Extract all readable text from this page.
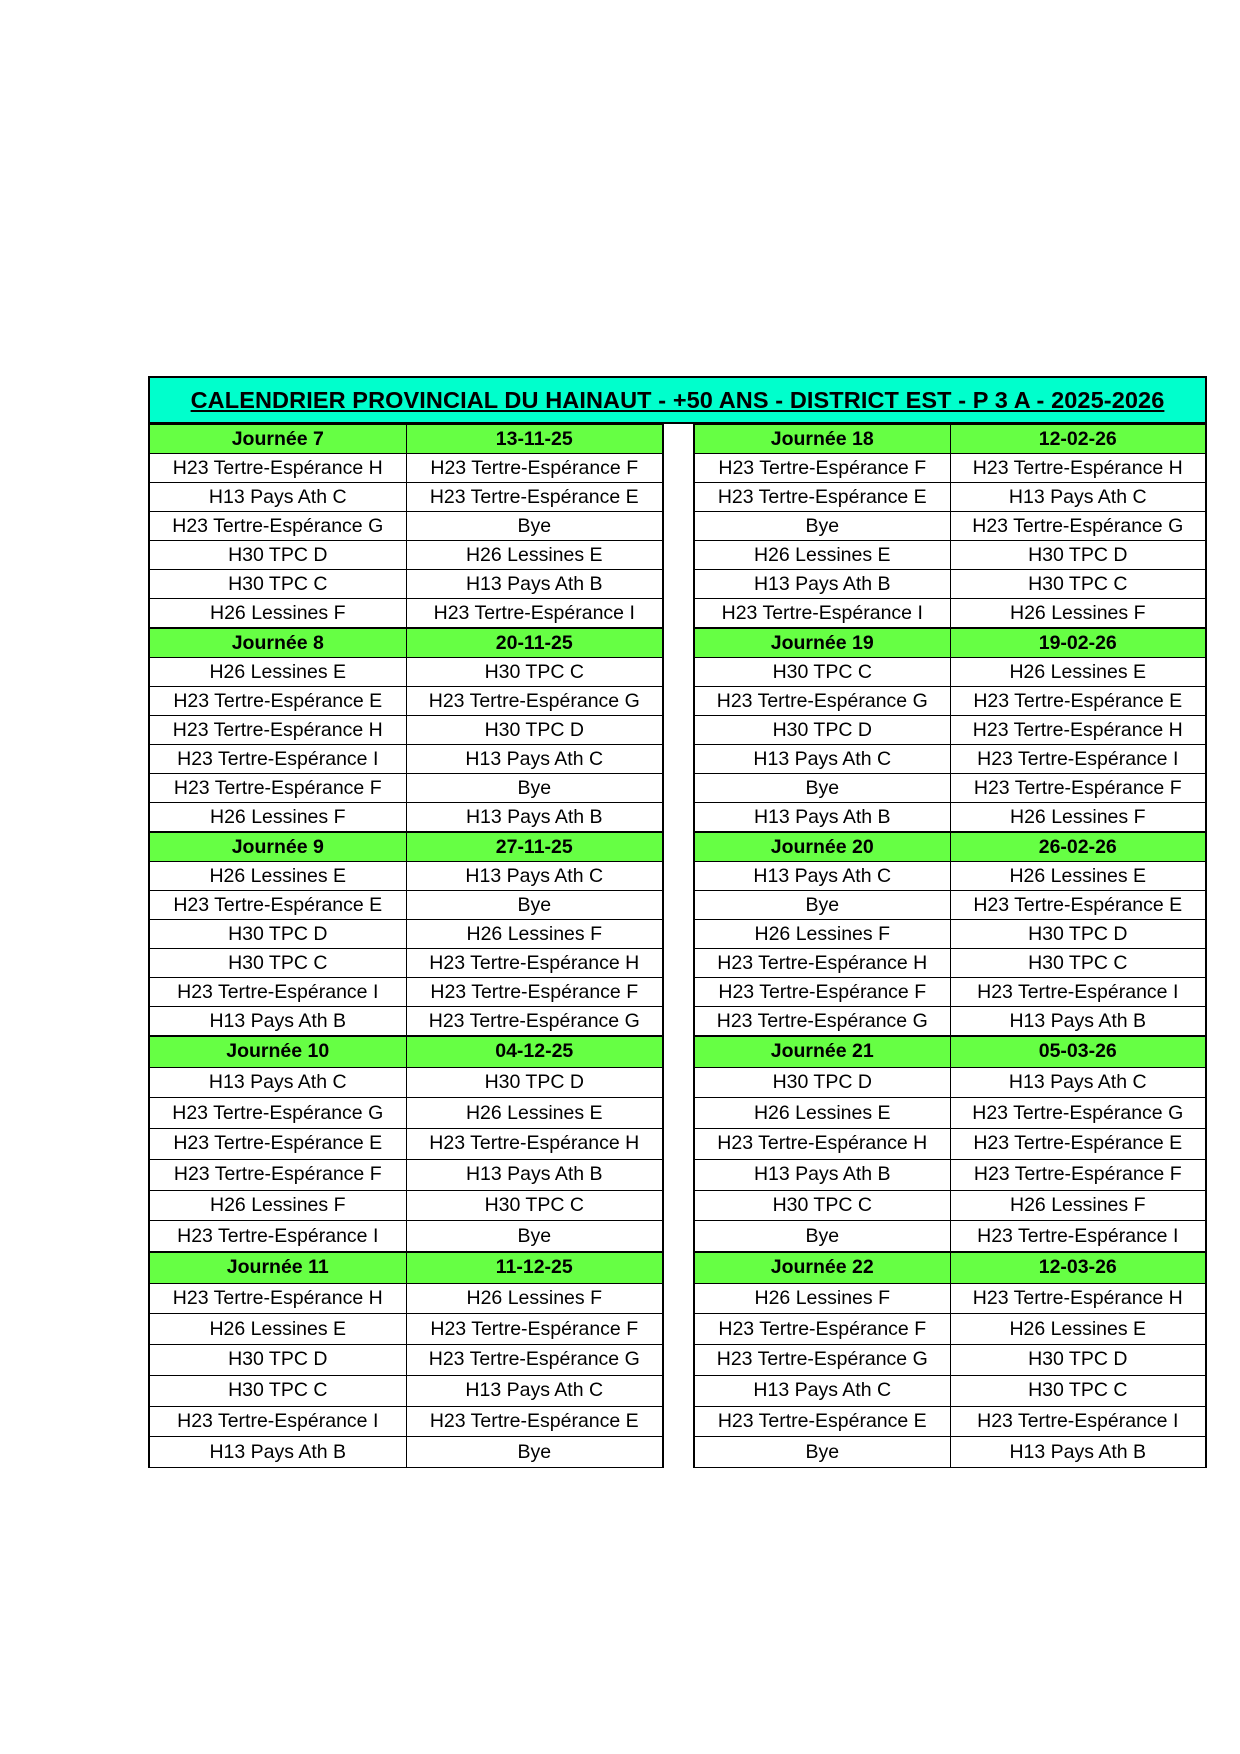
CALENDRIER PROVINCIAL DU HAINAUT - +50 ANS - DISTRICT EST - P 3 A - 2025-2026
Journée 7	13-11-25
H23 Tertre-Espérance H	H23 Tertre-Espérance F
H13 Pays Ath C	H23 Tertre-Espérance E
H23 Tertre-Espérance G	Bye
H30 TPC D	H26 Lessines E
H30 TPC C	H13 Pays Ath B
H26 Lessines F	H23 Tertre-Espérance I
Journée 18	12-02-26
H23 Tertre-Espérance F	H23 Tertre-Espérance H
H23 Tertre-Espérance E	H13 Pays Ath C
Bye	H23 Tertre-Espérance G
H26 Lessines E	H30 TPC D
H13 Pays Ath B	H30 TPC C
H23 Tertre-Espérance I	H26 Lessines F
Journée 8	20-11-25
H26 Lessines E	H30 TPC C
H23 Tertre-Espérance E	H23 Tertre-Espérance G
H23 Tertre-Espérance H	H30 TPC D
H23 Tertre-Espérance I	H13 Pays Ath C
H23 Tertre-Espérance F	Bye
H26 Lessines F	H13 Pays Ath B
Journée 19	19-02-26
H30 TPC C	H26 Lessines E
H23 Tertre-Espérance G	H23 Tertre-Espérance E
H30 TPC D	H23 Tertre-Espérance H
H13 Pays Ath C	H23 Tertre-Espérance I
Bye	H23 Tertre-Espérance F
H13 Pays Ath B	H26 Lessines F
Journée 9	27-11-25
H26 Lessines E	H13 Pays Ath C
H23 Tertre-Espérance E	Bye
H30 TPC D	H26 Lessines F
H30 TPC C	H23 Tertre-Espérance H
H23 Tertre-Espérance I	H23 Tertre-Espérance F
H13 Pays Ath B	H23 Tertre-Espérance G
Journée 20	26-02-26
H13 Pays Ath C	H26 Lessines E
Bye	H23 Tertre-Espérance E
H26 Lessines F	H30 TPC D
H23 Tertre-Espérance H	H30 TPC C
H23 Tertre-Espérance F	H23 Tertre-Espérance I
H23 Tertre-Espérance G	H13 Pays Ath B
Journée 10	04-12-25
H13 Pays Ath C	H30 TPC D
H23 Tertre-Espérance G	H26 Lessines E
H23 Tertre-Espérance E	H23 Tertre-Espérance H
H23 Tertre-Espérance F	H13 Pays Ath B
H26 Lessines F	H30 TPC C
H23 Tertre-Espérance I	Bye
Journée 21	05-03-26
H30 TPC D	H13 Pays Ath C
H26 Lessines E	H23 Tertre-Espérance G
H23 Tertre-Espérance H	H23 Tertre-Espérance E
H13 Pays Ath B	H23 Tertre-Espérance F
H30 TPC C	H26 Lessines F
Bye	H23 Tertre-Espérance I
Journée 11	11-12-25
H23 Tertre-Espérance H	H26 Lessines F
H26 Lessines E	H23 Tertre-Espérance F
H30 TPC D	H23 Tertre-Espérance G
H30 TPC C	H13 Pays Ath C
H23 Tertre-Espérance I	H23 Tertre-Espérance E
H13 Pays Ath B	Bye
Journée 22	12-03-26
H26 Lessines F	H23 Tertre-Espérance H
H23 Tertre-Espérance F	H26 Lessines E
H23 Tertre-Espérance G	H30 TPC D
H13 Pays Ath C	H30 TPC C
H23 Tertre-Espérance E	H23 Tertre-Espérance I
Bye	H13 Pays Ath B
